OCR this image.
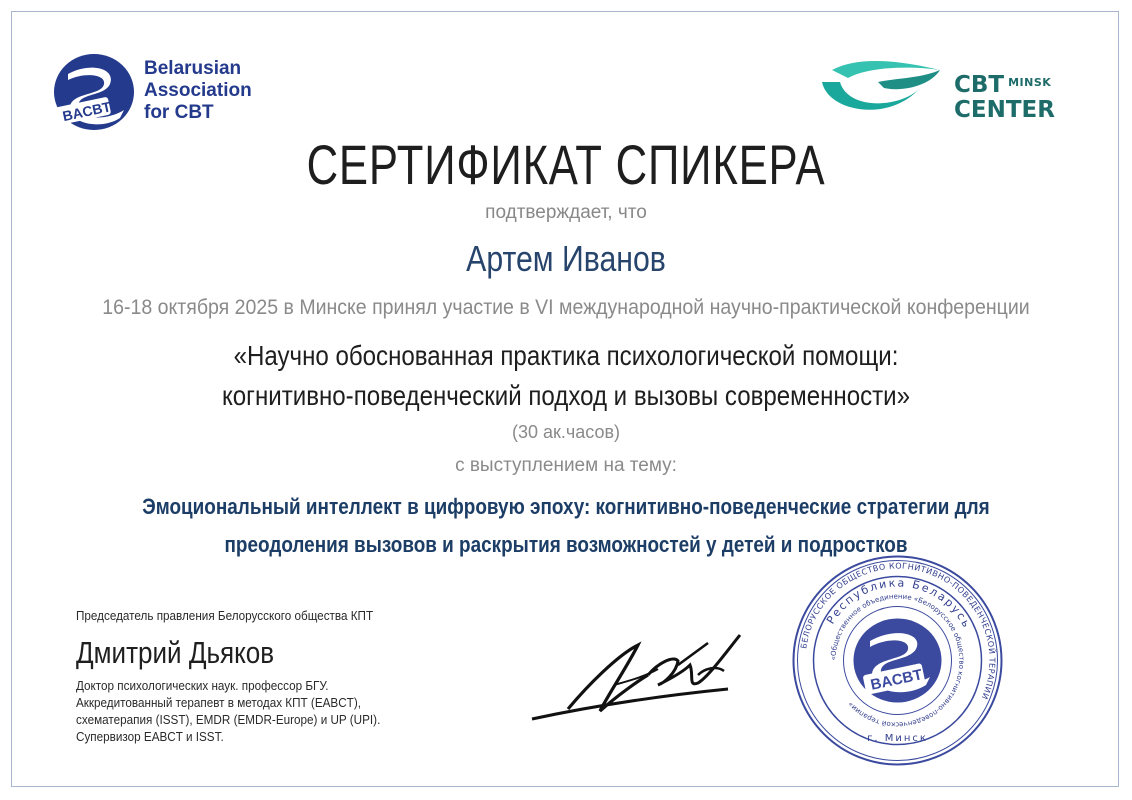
BACBT
Belarusian
Association
for CBT
CBT $^{MINSK}$
CENTER
СЕРТИФИКАТ СПИКЕРА
подтверждает, что
Артем Иванов
16-18 октября 2025 в Минске принял участие в VI международной научно-практической конференции
«Научно обоснованная практика психологической помощи:
когнитивно-поведенческий подход и вызовы современности»
(30 ак.часов)
с выступлением на тему:
Эмоциональный интеллект в цифровую эпоху: когнитивно-поведенческие стратегии для
преодоления вызовов и раскрытия возможностей у детей и подростков
Председатель правления Белорусского общества КПТ
Дмитрий Дьяков
Доктор психологических наук. профессор БГУ.
Аккредитованный терапевт в методах КПТ (EABCT),
схематерапия (ISST), EMDR (EMDR-Europe) и UP (UPI).
Супервизор EABCT и ISST.
БЕЛОРУССКОЕ ОБЩЕСТВО КОГНИТИВНО-ПОВЕДЕНЧЕСКОЙ ТЕРАПИИ
Республика Беларусь
«Общественное объединение «Белорусское общество когнитивно-поведенческой терапии»
BACBT
г. Минск
